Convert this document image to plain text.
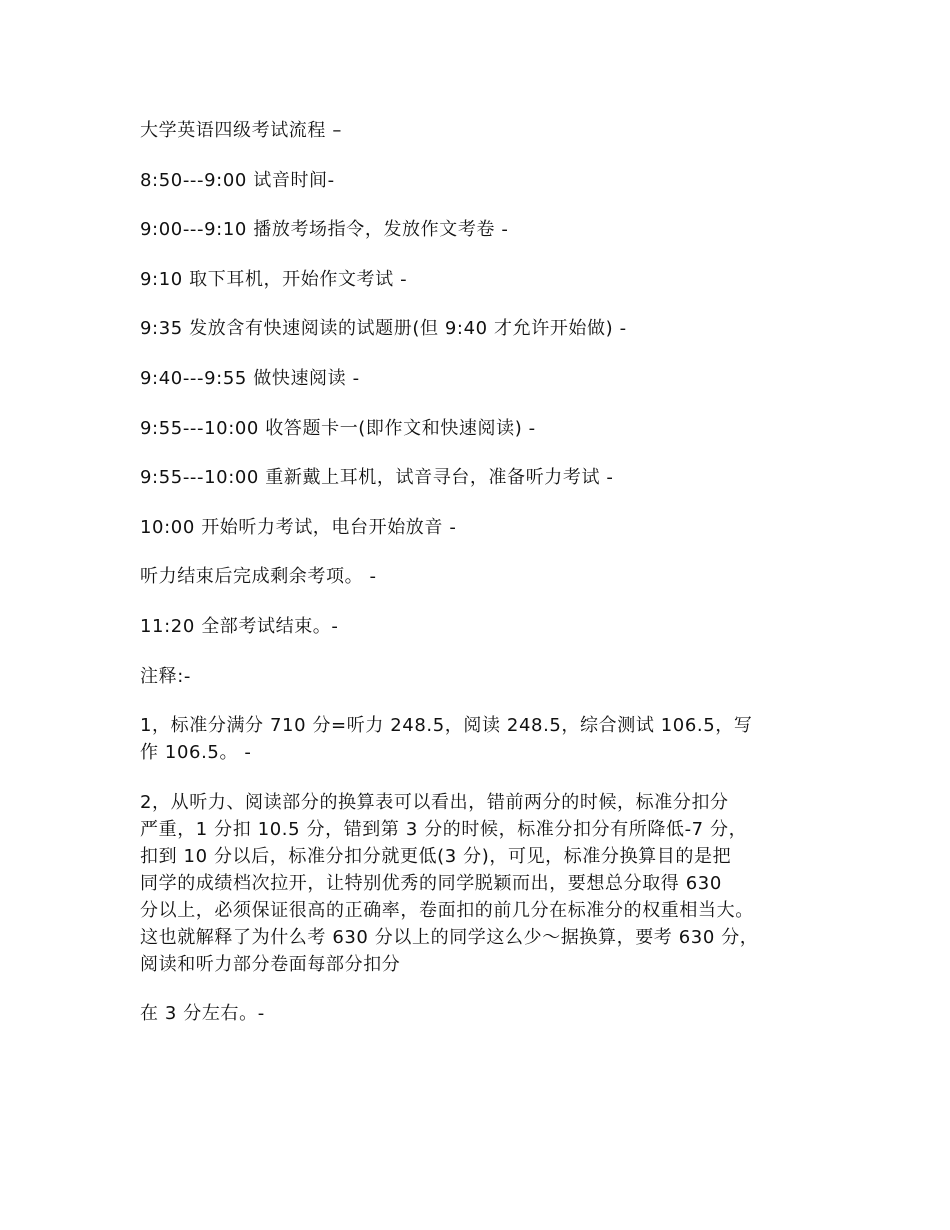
大学英语四级考试流程 –

8:50---9:00 试音时间-

9:00---9:10 播放考场指令，发放作文考卷 -

9:10 取下耳机，开始作文考试 -

9:35 发放含有快速阅读的试题册(但 9:40 才允许开始做) -

9:40---9:55 做快速阅读 -

9:55---10:00 收答题卡一(即作文和快速阅读) -

9:55---10:00 重新戴上耳机，试音寻台，准备听力考试 -

10:00 开始听力考试，电台开始放音 -

听力结束后完成剩余考项。 -

11:20 全部考试结束。-

注释:-

1，标准分满分 710 分=听力 248.5，阅读 248.5，综合测试 106.5，写
作 106.5。 -

2，从听力、阅读部分的换算表可以看出，错前两分的时候，标准分扣分
严重，1 分扣 10.5 分，错到第 3 分的时候，标准分扣分有所降低-7 分，
扣到 10 分以后，标准分扣分就更低(3 分)，可见，标准分换算目的是把
同学的成绩档次拉开，让特别优秀的同学脱颖而出，要想总分取得 630
分以上，必须保证很高的正确率，卷面扣的前几分在标准分的权重相当大。
这也就解释了为什么考 630 分以上的同学这么少～据换算，要考 630 分，
阅读和听力部分卷面每部分扣分

在 3 分左右。-
